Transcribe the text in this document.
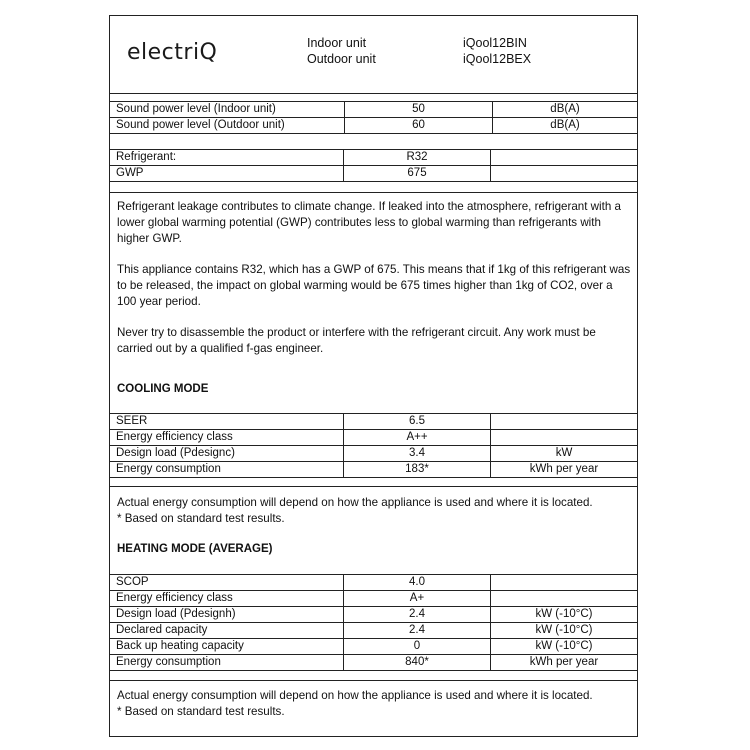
electriQ	Indoor unit	iQool12BIN
Outdoor unit	iQool12BEX
Sound power level (Indoor unit)	50	dB(A)
Sound power level (Outdoor unit)	60	dB(A)

Refrigerant:	R32	
GWP	675	

Refrigerant leakage contributes to climate change. If leaked into the atmosphere, refrigerant with a lower global warming potential (GWP) contributes less to global warming than refrigerants with higher GWP.

This appliance contains R32, which has a GWP of 675. This means that if 1kg of this refrigerant was to be released, the impact on global warming would be 675 times higher than 1kg of CO2, over a 100 year period.

Never try to disassemble the product or interfere with the refrigerant circuit. Any work must be carried out by a qualified f-gas engineer.

COOLING MODE

SEER	6.5	
Energy efficiency class	A++	
Design load (Pdesignc)	3.4	kW
Energy consumption	183*	kWh per year

Actual energy consumption will depend on how the appliance is used and where it is located.

* Based on standard test results.

HEATING MODE (AVERAGE)

SCOP	4.0	
Energy efficiency class	A+	
Design load (Pdesignh)	2.4	kW (-10°C)
Declared capacity	2.4	kW (-10°C)
Back up heating capacity	0	kW (-10°C)
Energy consumption	840*	kWh per year

Actual energy consumption will depend on how the appliance is used and where it is located.

* Based on standard test results.
